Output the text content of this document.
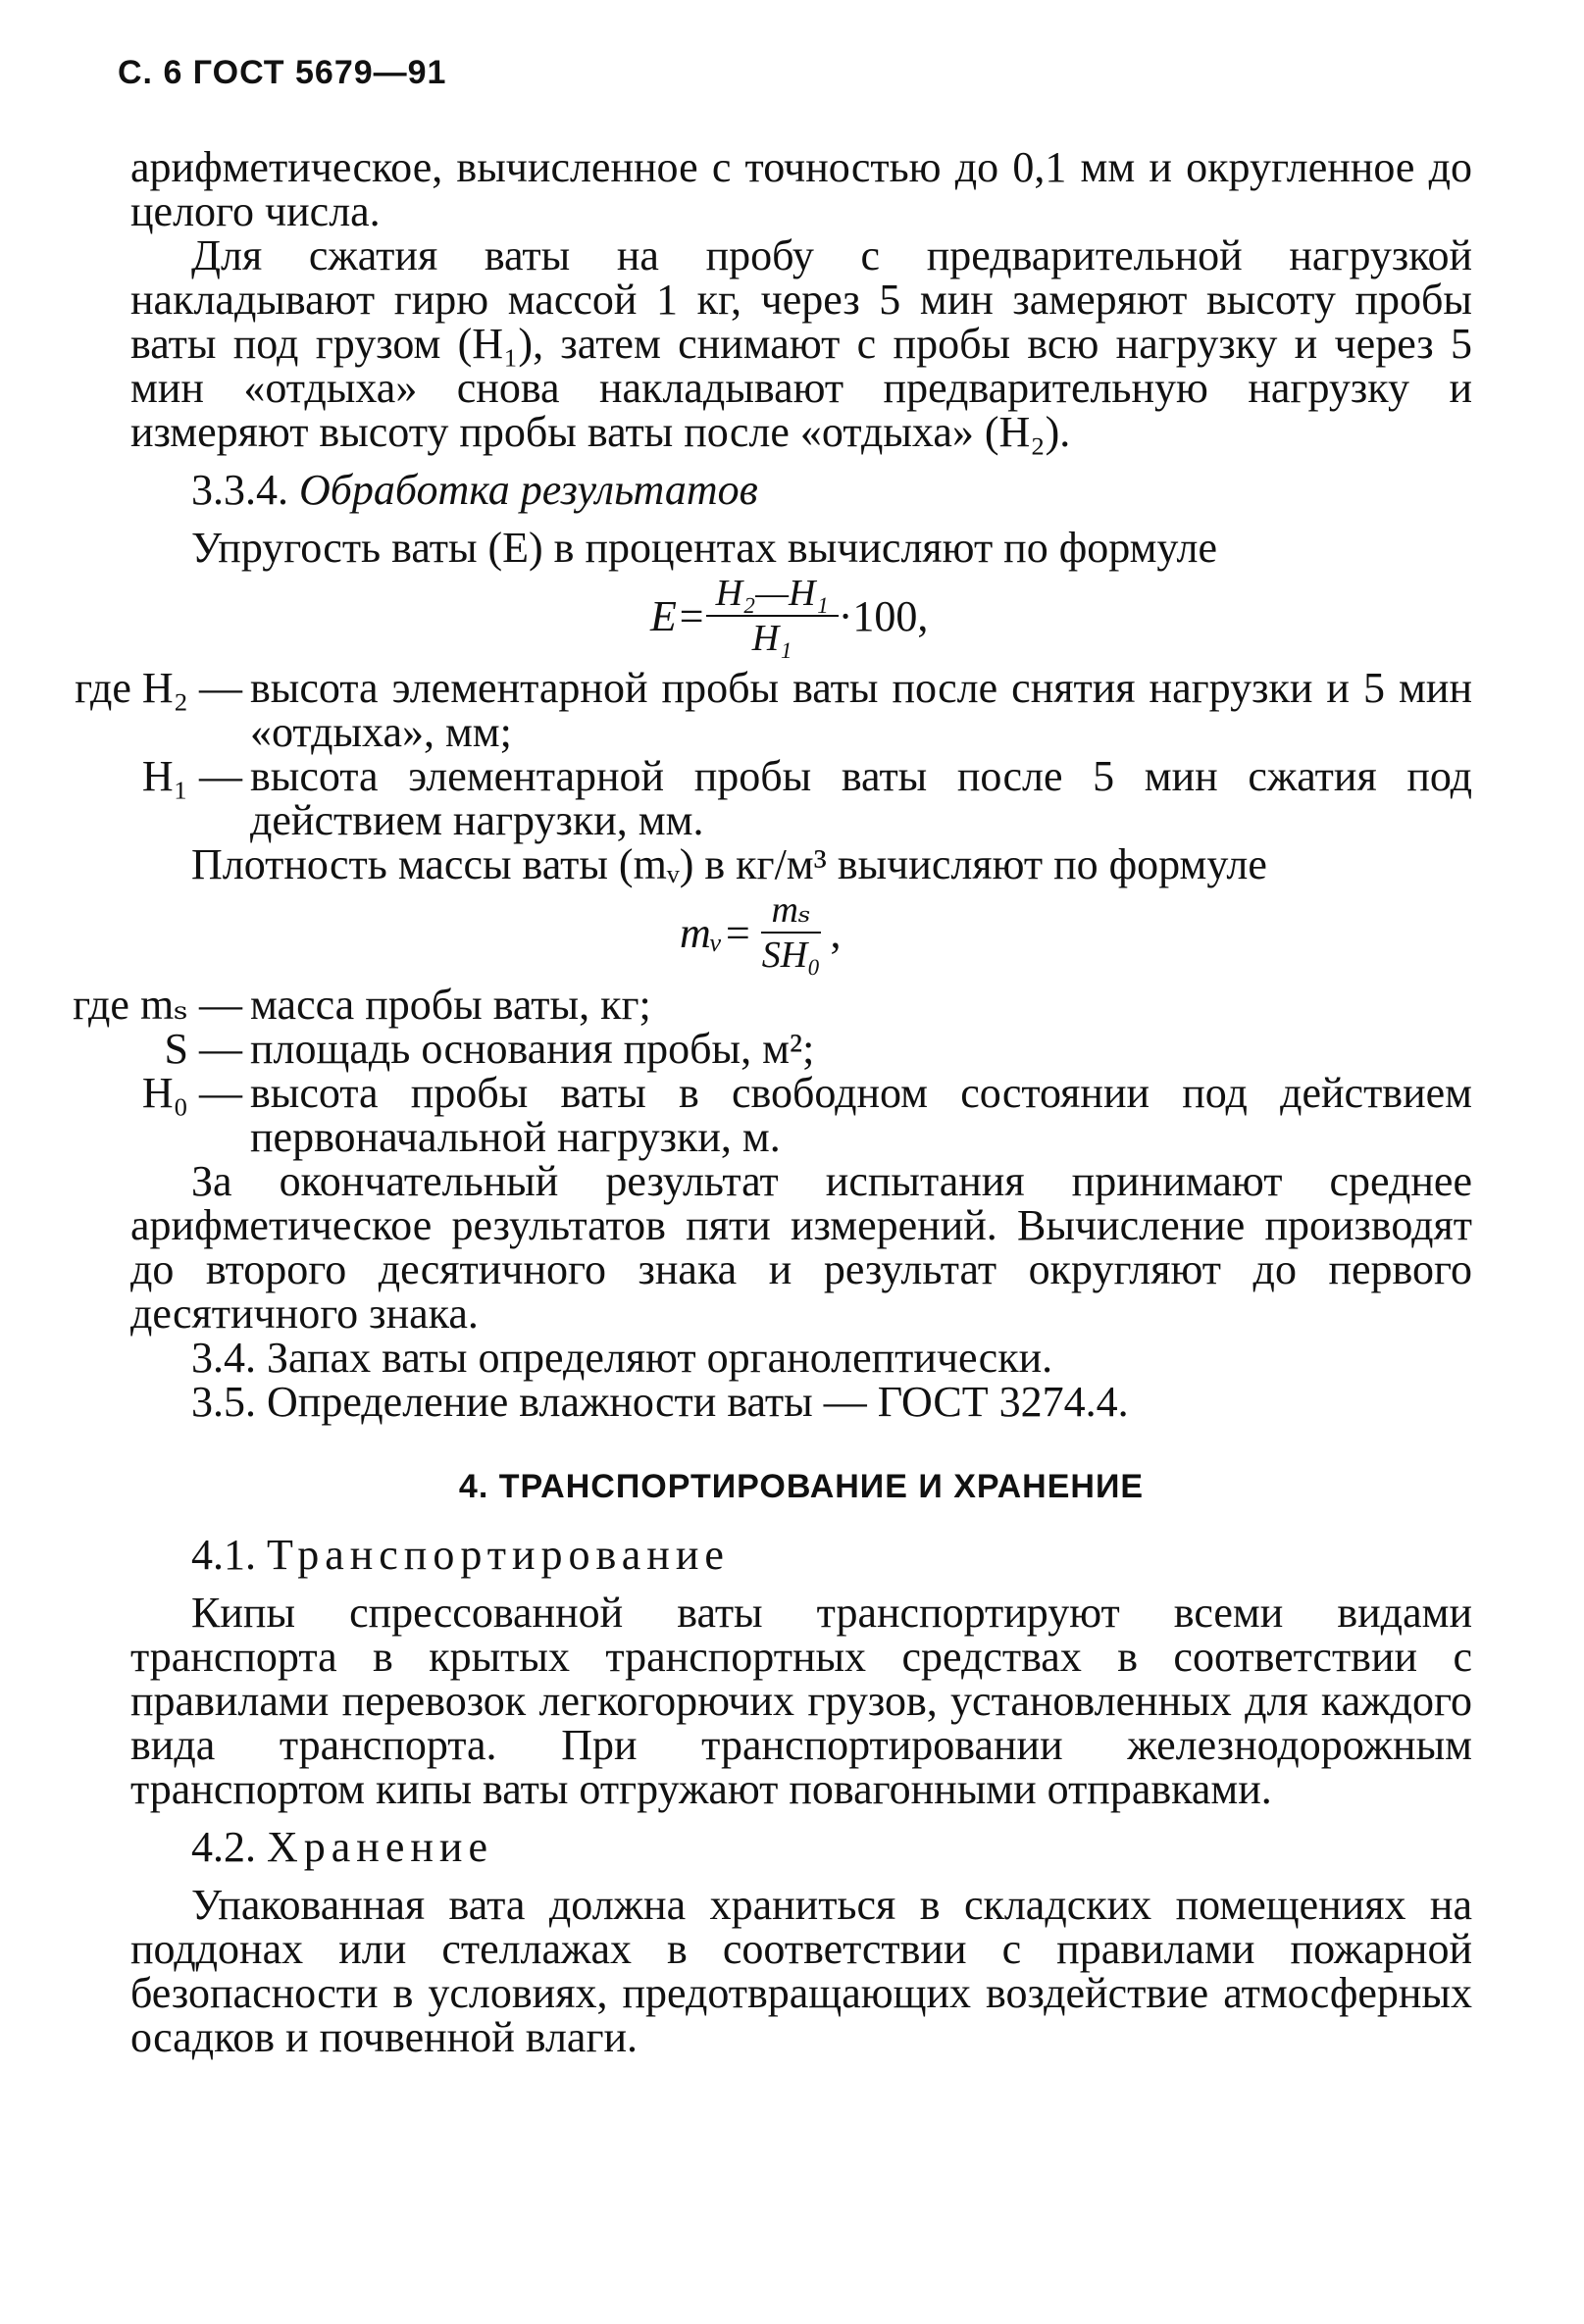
С. 6 ГОСТ 5679—91

арифметическое, вычисленное с точностью до 0,1 мм и округленное до целого числа.

Для сжатия ваты на пробу с предварительной нагрузкой накладывают гирю массой 1 кг, через 5 мин замеряют высоту пробы ваты под грузом (H₁), затем снимают с пробы всю нагрузку и через 5 мин «отдыха» снова накладывают предварительную нагрузку и измеряют высоту пробы ваты после «отдыха» (H₂).

3.3.4. Обработка результатов

Упругость ваты (E) в процентах вычисляют по формуле

$E= \frac{\text{H₂—H₁}}{\text{H₁}} \cdot 100$,
где H₂ — высота элементарной пробы ваты после снятия нагрузки и 5 мин «отдыха», мм;
H₁ — высота элементарной пробы ваты после 5 мин сжатия под действием нагрузки, мм.

Плотность массы ваты (mᵥ) в кг/м³ вычисляют по формуле

mᵥ= $\frac{\text{mₛ}}{\text{SH₀}}$ ,
где mₛ — масса пробы ваты, кг;
S — площадь основания пробы, м²;
H₀ — высота пробы ваты в свободном состоянии под действием первоначальной нагрузки, м.

За окончательный результат испытания принимают среднее арифметическое результатов пяти измерений. Вычисление производят до второго десятичного знака и результат округляют до первого десятичного знака.

3.4. Запах ваты определяют органолептически.

3.5. Определение влажности ваты — ГОСТ 3274.4.

4. ТРАНСПОРТИРОВАНИЕ И ХРАНЕНИЕ

4.1. Транспортирование

Кипы спрессованной ваты транспортируют всеми видами транспорта в крытых транспортных средствах в соответствии с правилами перевозок легкогорючих грузов, установленных для каждого вида транспорта. При транспортировании железнодорожным транспортом кипы ваты отгружают повагонными отправками.

4.2. Хранение

Упакованная вата должна храниться в складских помещениях на поддонах или стеллажах в соответствии с правилами пожарной безопасности в условиях, предотвращающих воздействие атмосферных осадков и почвенной влаги.
